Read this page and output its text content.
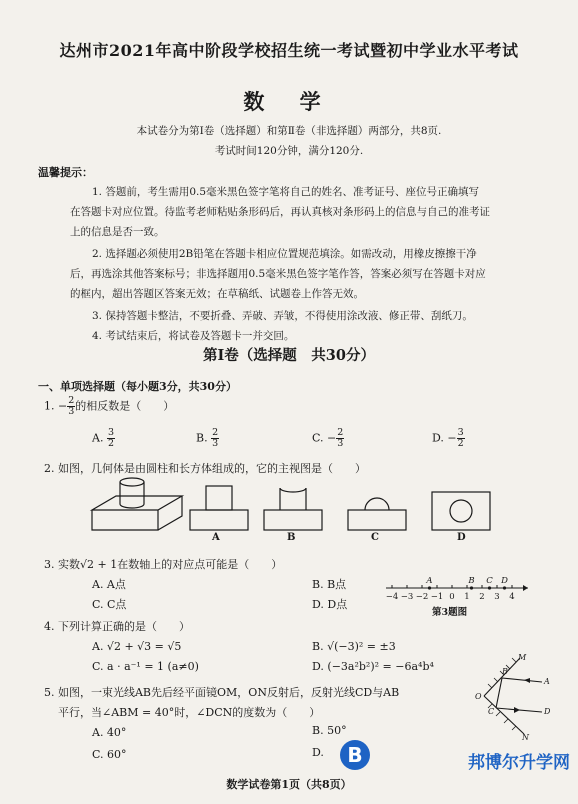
达州市2021年高中阶段学校招生统一考试暨初中学业水平考试
数 学
本试卷分为第Ⅰ卷（选择题）和第Ⅱ卷（非选择题）两部分，共8页.
考试时间120分钟，满分120分.
温馨提示：
1. 答题前，考生需用0.5毫米黑色签字笔将自己的姓名、准考证号、座位号正确填写
在答题卡对应位置。待监考老师粘贴条形码后，再认真核对条形码上的信息与自己的准考证
上的信息是否一致。
2. 选择题必须使用2B铅笔在答题卡相应位置规范填涂。如需改动，用橡皮擦擦干净
后，再选涂其他答案标号；非选择题用0.5毫米黑色签字笔作答，答案必须写在答题卡对应
的框内，超出答题区答案无效；在草稿纸、试题卷上作答无效。
3. 保持答题卡整洁，不要折叠、弄破、弄皱，不得使用涂改液、修正带、刮纸刀。
4. 考试结束后，将试卷及答题卡一并交回。
第Ⅰ卷（选择题　共30分）
一、单项选择题（每小题3分，共30分）
1. − $\frac{2}{3}$ 的相反数是（　　）
A. $\frac{3}{2}$	B. $\frac{2}{3}$	C. − $\frac{2}{3}$	D. − $\frac{3}{2}$
2. 如图，几何体是由圆柱和长方体组成的，它的主视图是（　　）
A	B	C	D
3. 实数√2 + 1在数轴上的对应点可能是（　　）
A. A点	B. B点
C. C点	D. D点
−4 −3 −2 −1 0 1 2 3 4
A	B C D
第3题图
4. 下列计算正确的是（　　）
A. √2 + √3 = √5	B. √(−3)² = ±3
C. a · a⁻¹ = 1 (a≠0)	D. (−3a²b²)² = −6a⁴b⁴
5. 如图，一束光线AB先后经平面镜OM，ON反射后，反射光线CD与AB
平行，当∠ABM = 40°时，∠DCN的度数为（　　）
A. 40°	B. 50°
C. 60°	D.
M
A
B
O
C	D
N
数学试卷第1页（共8页）
B	邦博尔升学网
